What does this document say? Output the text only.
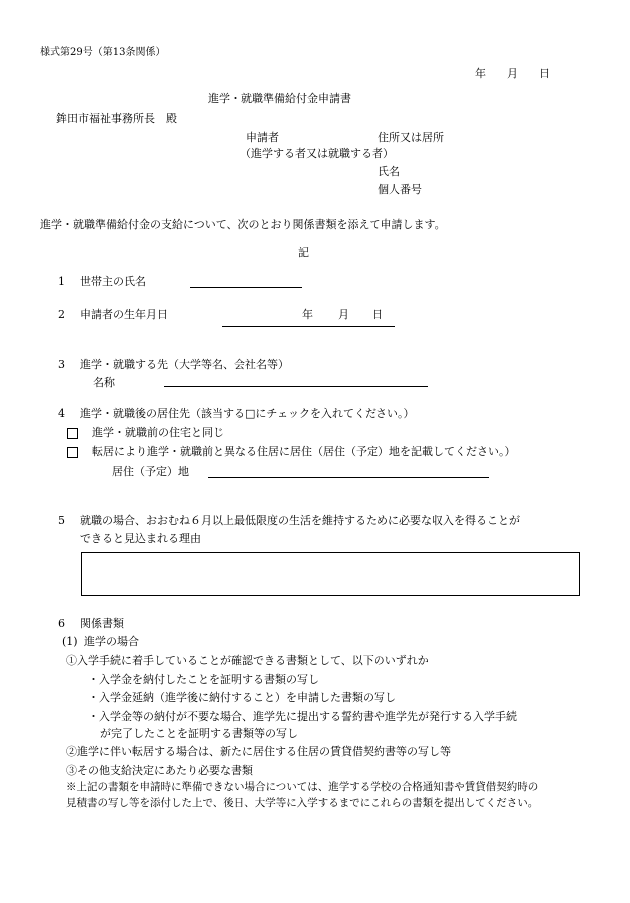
様式第29号（第13条関係）
年 月 日
進学・就職準備給付金申請書
鉾田市福祉事務所長　殿
申請者	住所又は居所
（進学する者又は就職する者）
氏名
個人番号
進学・就職準備給付金の支給について、次のとおり関係書類を添えて申請します。
記
1 世帯主の氏名
2 申請者の生年月日	年 月 日
3 進学・就職する先（大学等名、会社名等）
名称
4 進学・就職後の居住先（該当する□にチェックを入れてください。）
進学・就職前の住宅と同じ
転居により進学・就職前と異なる住居に居住（居住（予定）地を記載してください。）
居住（予定）地
5 就職の場合、おおむね６月以上最低限度の生活を維持するために必要な収入を得ることが
できると見込まれる理由
6 関係書類
(1) 進学の場合
①入学手続に着手していることが確認できる書類として、以下のいずれか
・入学金を納付したことを証明する書類の写し
・入学金延納（進学後に納付すること）を申請した書類の写し
・入学金等の納付が不要な場合、進学先に提出する誓約書や進学先が発行する入学手続
が完了したことを証明する書類等の写し
②進学に伴い転居する場合は、新たに居住する住居の賃貸借契約書等の写し等
③その他支給決定にあたり必要な書類
※上記の書類を申請時に準備できない場合については、進学する学校の合格通知書や賃貸借契約時の
見積書の写し等を添付した上で、後日、大学等に入学するまでにこれらの書類を提出してください。
